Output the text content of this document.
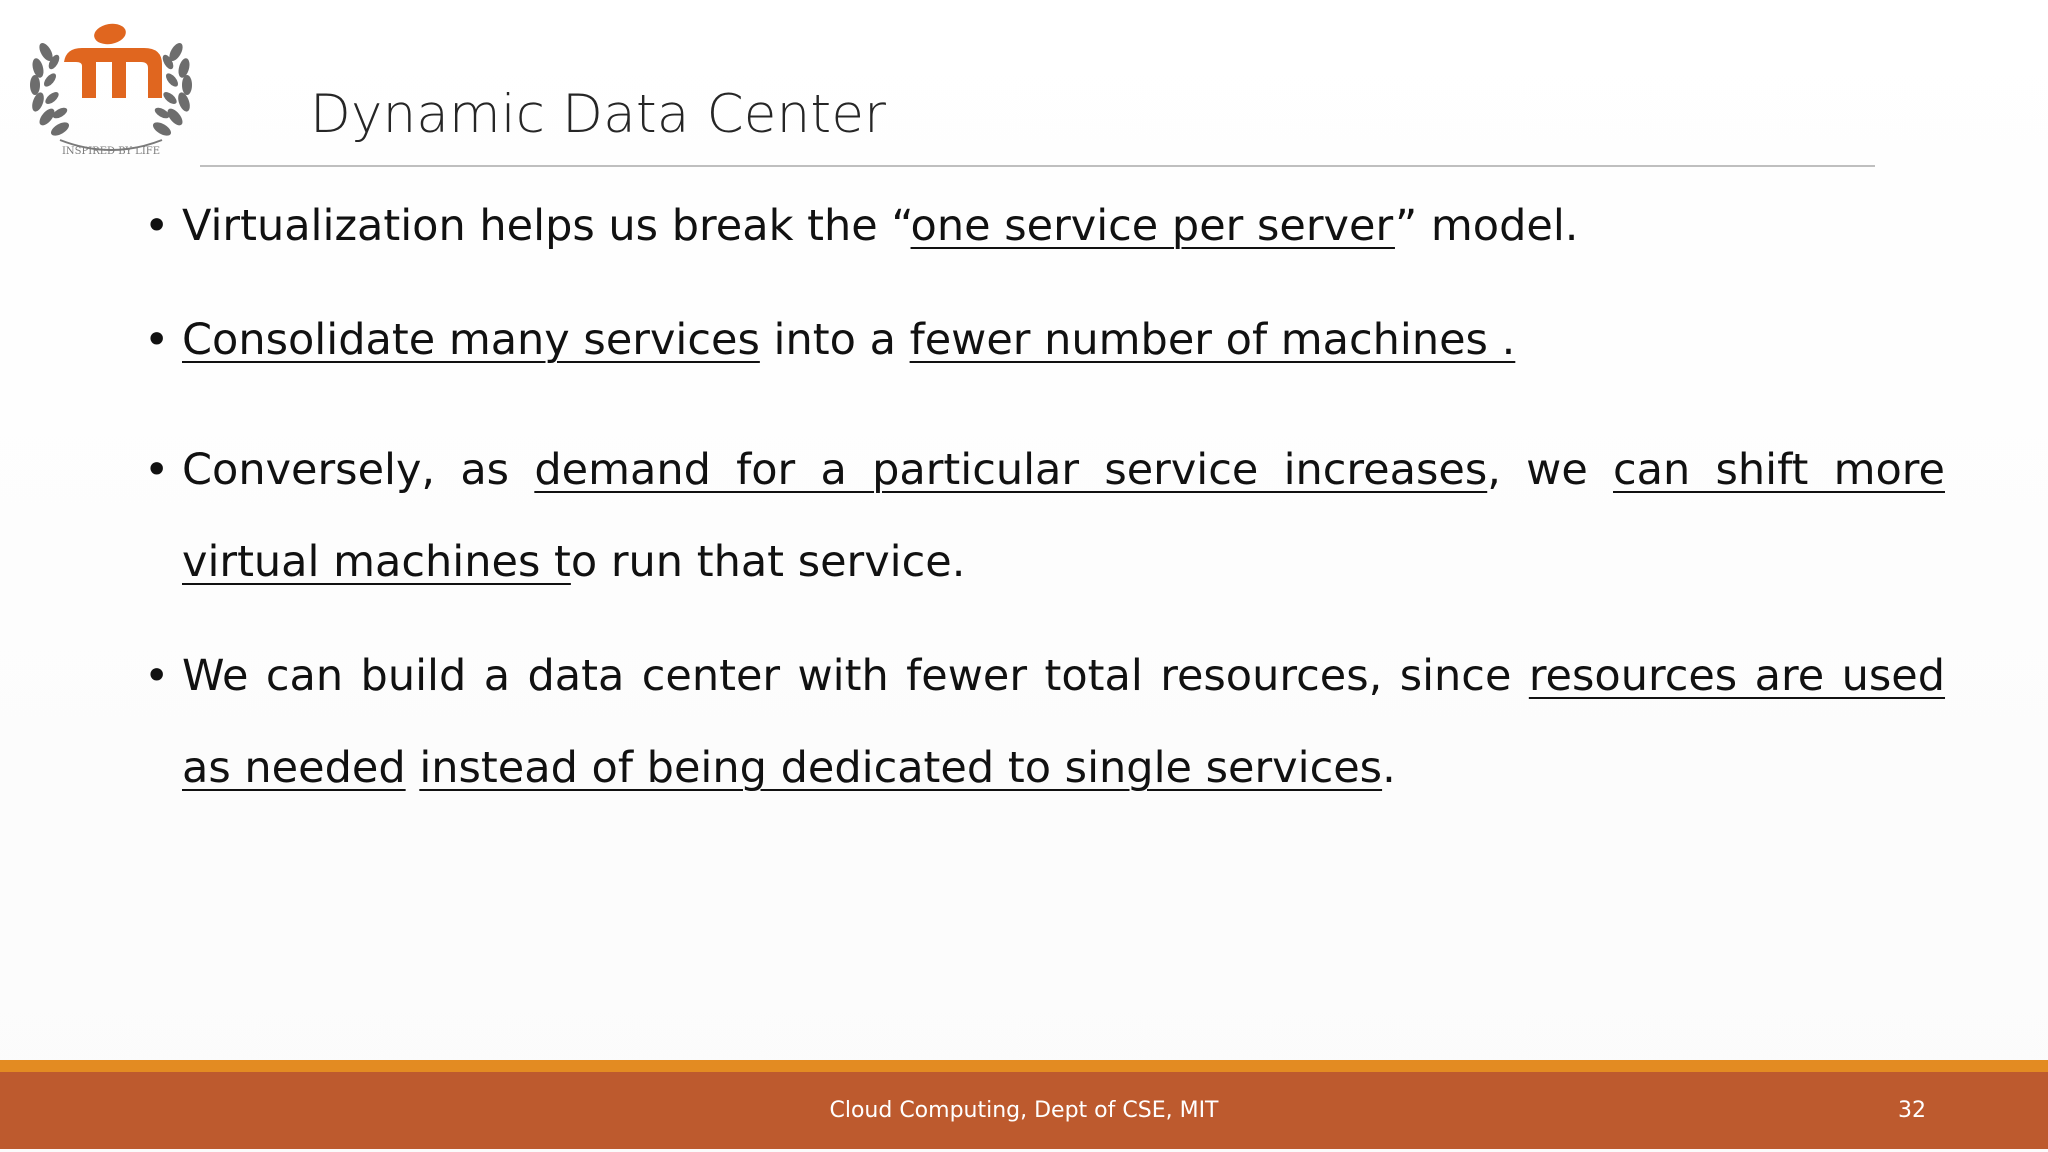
INSPIRED BY LIFE
Dynamic Data Center

• Virtualization helps us break the “one service per server” model.

• Consolidate many services into a fewer number of machines .

• Conversely, as demand for a particular service increases, we can shift more virtual machines to run that service.

• We can build a data center with fewer total resources, since resources are used as needed instead of being dedicated to single services.

Cloud Computing, Dept of CSE, MIT	32
